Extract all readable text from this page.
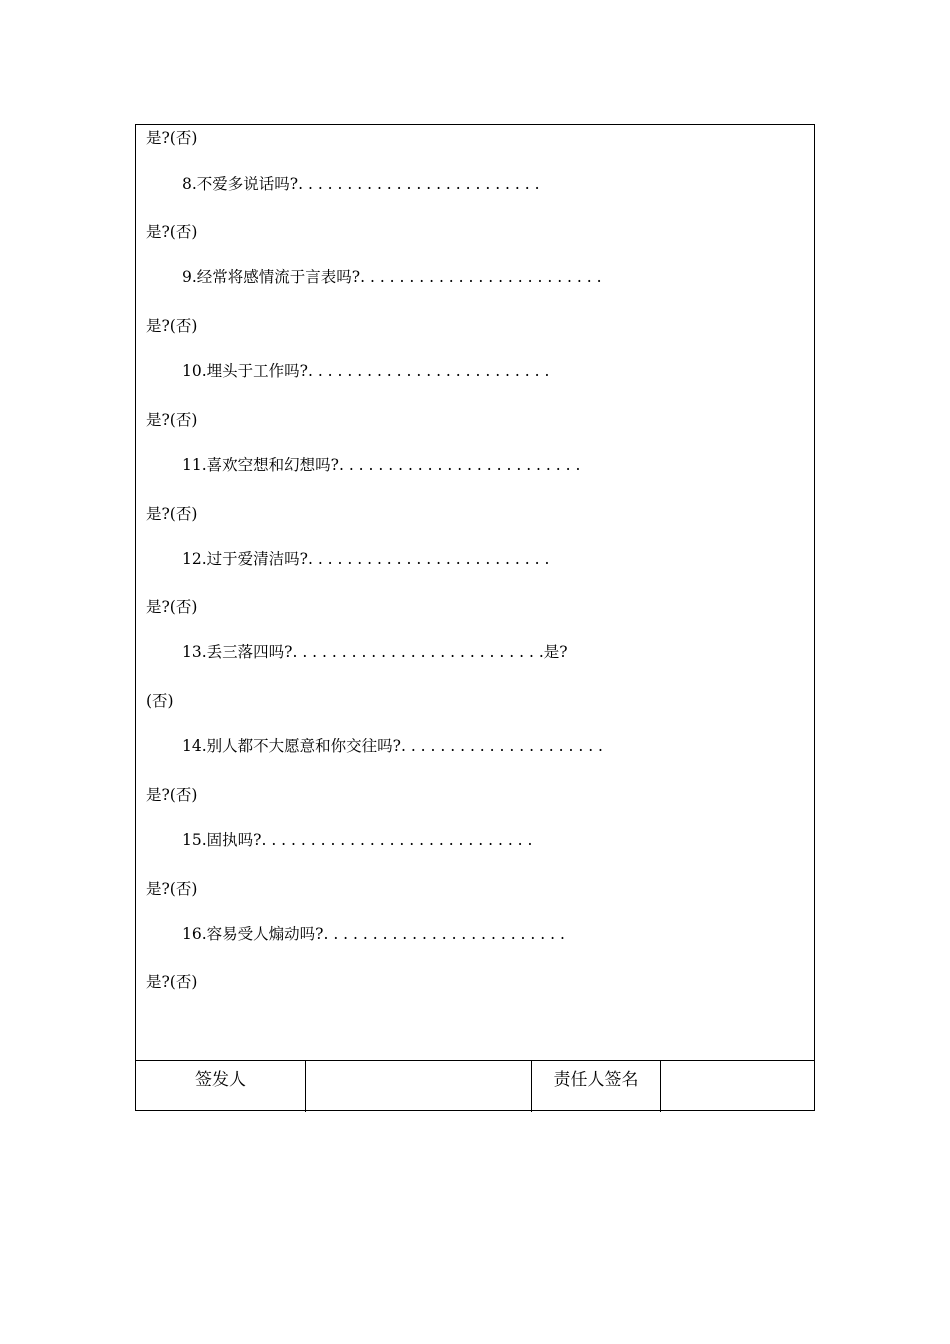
是?(否)
8.不爱多说话吗?. . . . . . . . . . . . . . . . . . . . . . . . .
是?(否)
9.经常将感情流于言表吗?. . . . . . . . . . . . . . . . . . . . . . . . .
是?(否)
10.埋头于工作吗?. . . . . . . . . . . . . . . . . . . . . . . . .
是?(否)
11.喜欢空想和幻想吗?. . . . . . . . . . . . . . . . . . . . . . . . .
是?(否)
12.过于爱清洁吗?. . . . . . . . . . . . . . . . . . . . . . . . .
是?(否)
13.丢三落四吗?. . . . . . . . . . . . . . . . . . . . . . . . . .是?
(否)
14.别人都不大愿意和你交往吗?. . . . . . . . . . . . . . . . . . . . .
是?(否)
15.固执吗?. . . . . . . . . . . . . . . . . . . . . . . . . . . .
是?(否)
16.容易受人煽动吗?. . . . . . . . . . . . . . . . . . . . . . . . .
是?(否)
签发人	责任人签名
